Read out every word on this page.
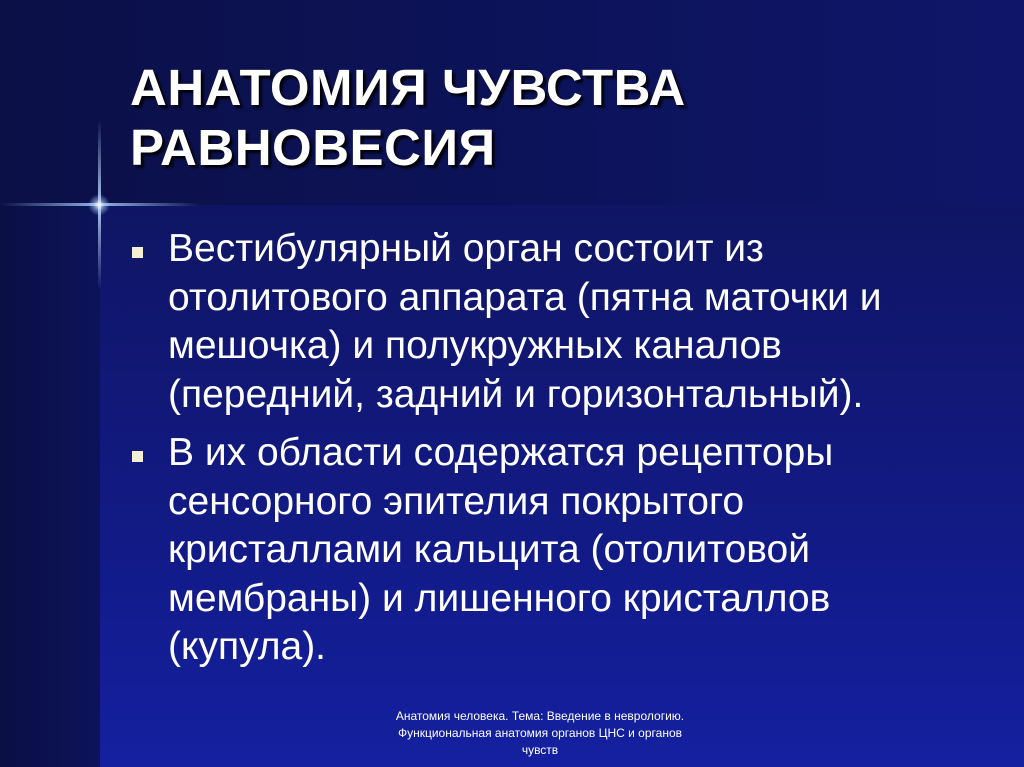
АНАТОМИЯ ЧУВСТВА РАВНОВЕСИЯ
Вестибулярный орган состоит из отолитового аппарата (пятна маточки и мешочка) и полукружных каналов (передний, задний и горизонтальный).
В их области содержатся рецепторы сенсорного эпителия покрытого кристаллами кальцита (отолитовой мембраны) и лишенного кристаллов (купула).
Анатомия человека. Тема: Введение в неврологию. Функциональная анатомия органов ЦНС и органов чувств
